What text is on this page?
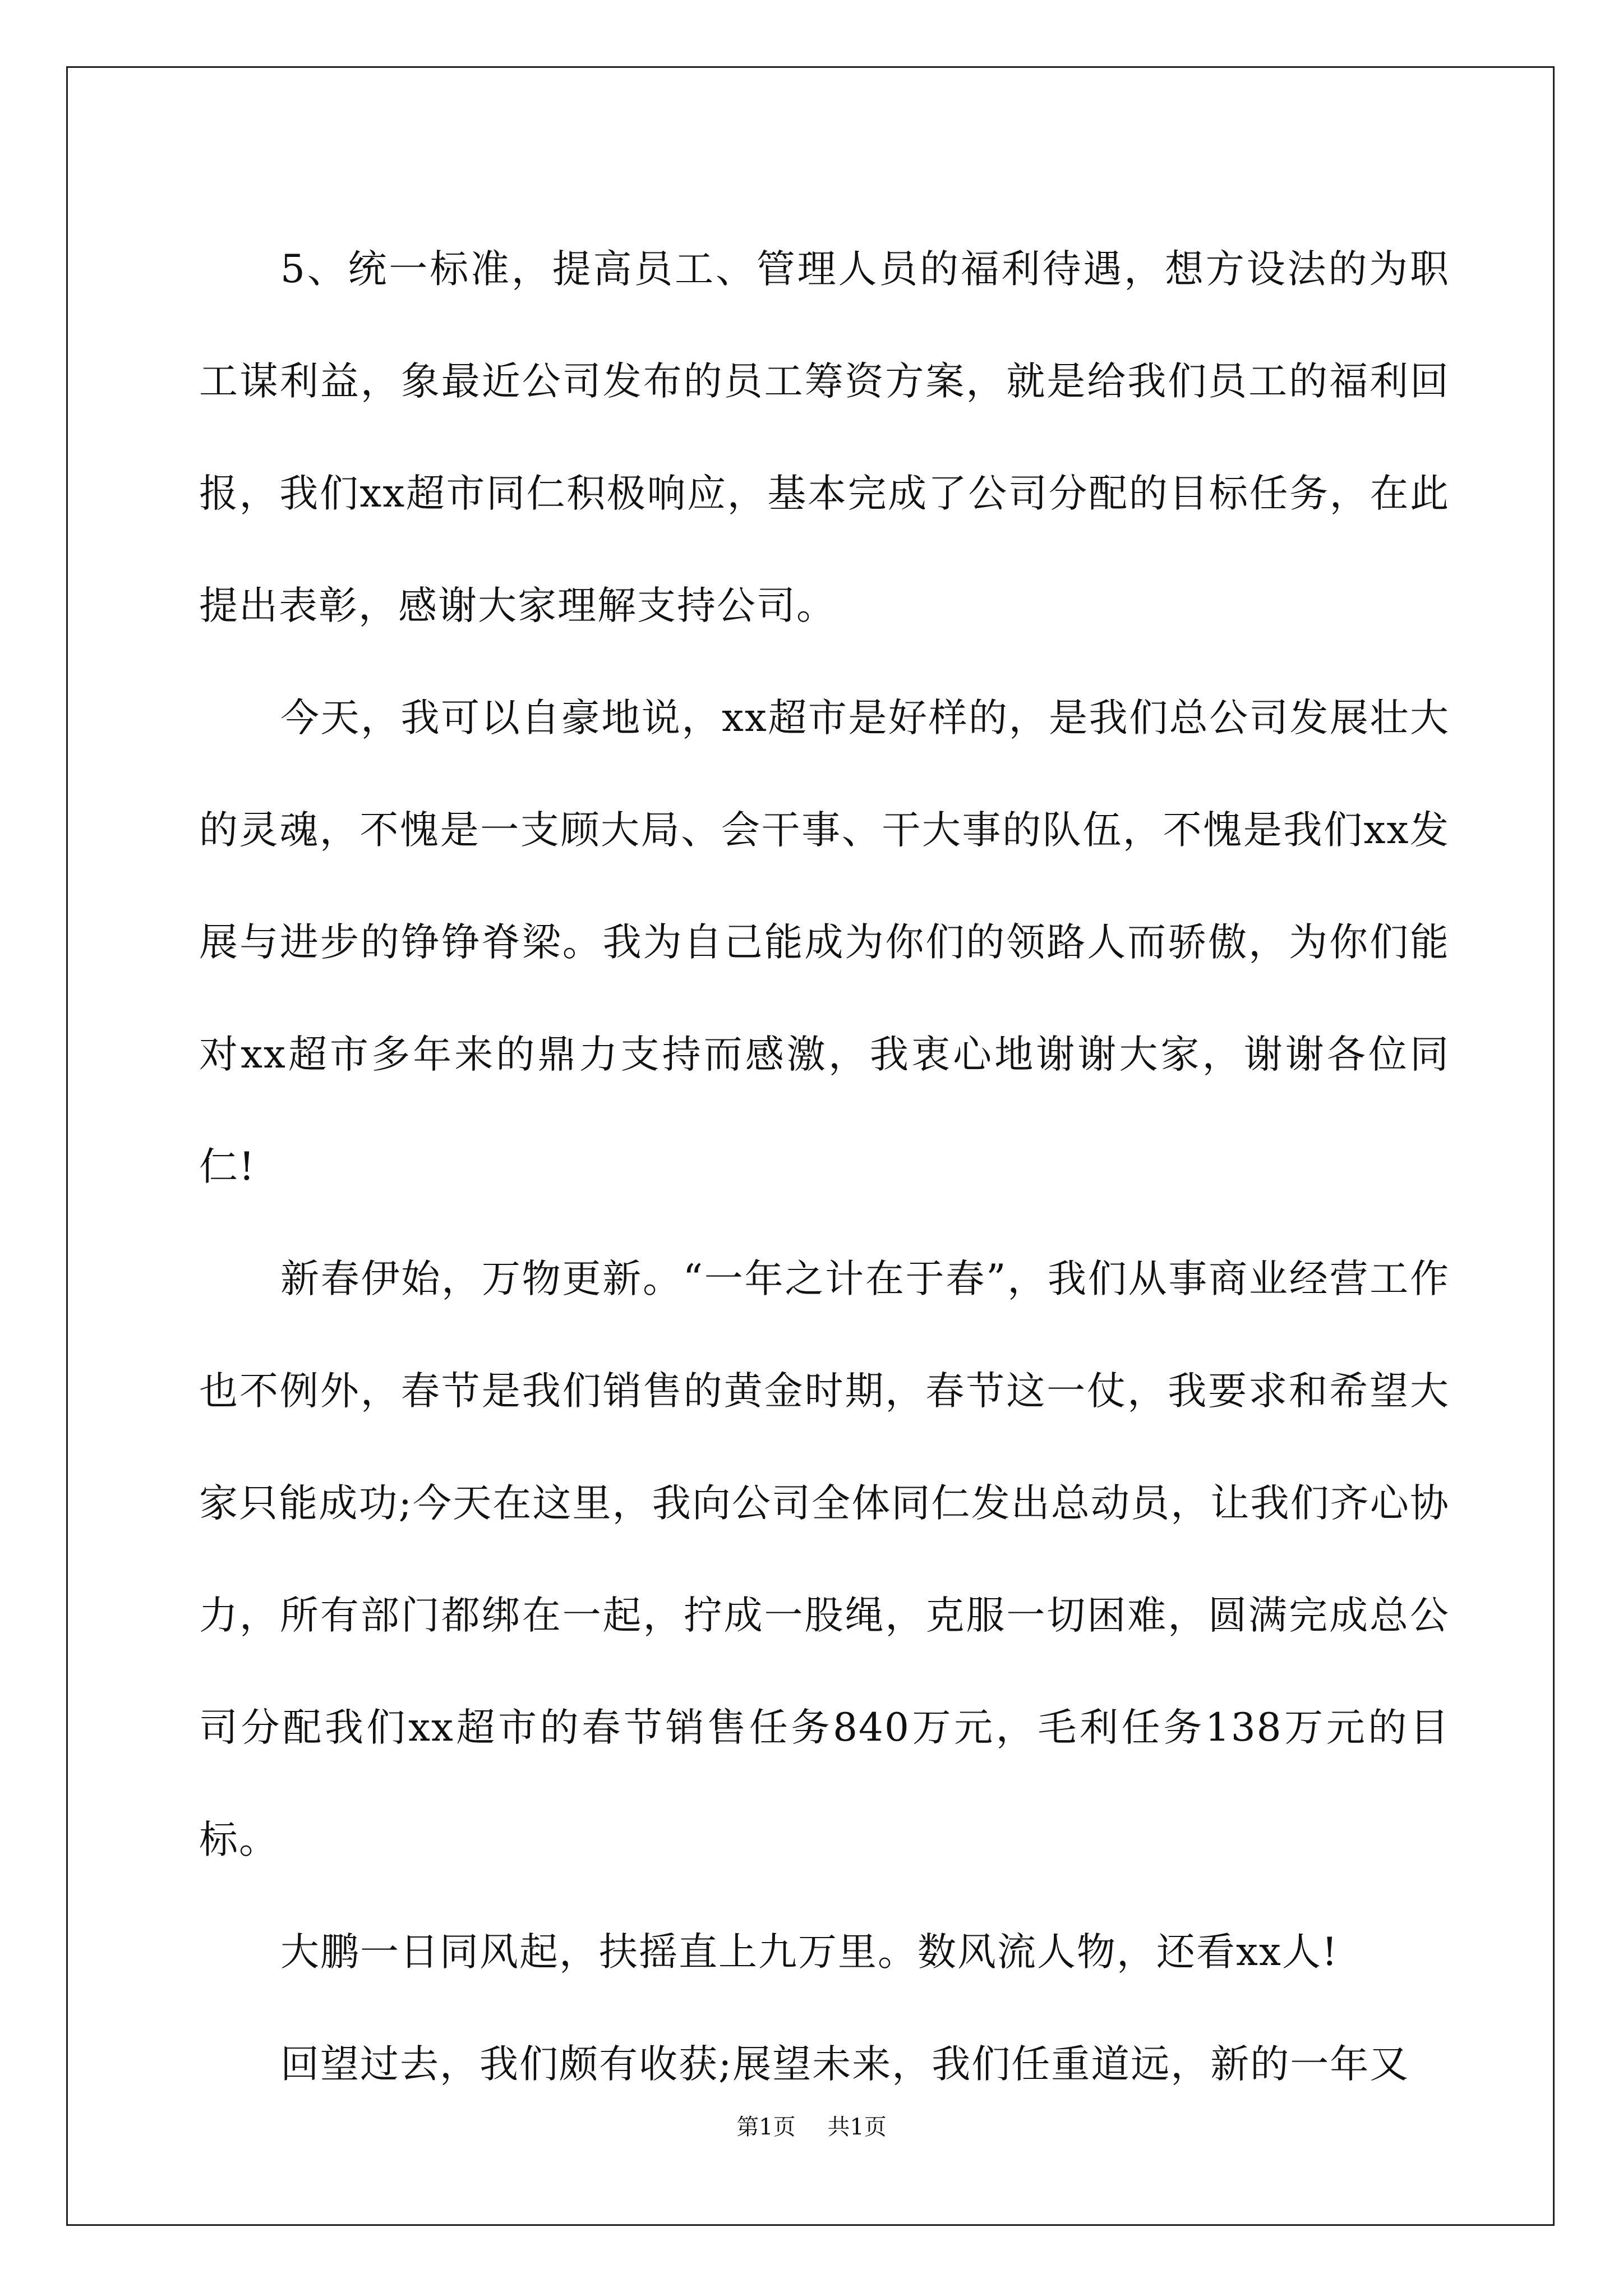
5、统一标准，提高员工、管理人员的福利待遇，想方设法的为职工谋利益，象最近公司发布的员工筹资方案，就是给我们员工的福利回报，我们xx超市同仁积极响应，基本完成了公司分配的目标任务，在此提出表彰，感谢大家理解支持公司。

今天，我可以自豪地说，xx超市是好样的，是我们总公司发展壮大的灵魂，不愧是一支顾大局、会干事、干大事的队伍，不愧是我们xx发展与进步的铮铮脊梁。我为自己能成为你们的领路人而骄傲，为你们能对xx超市多年来的鼎力支持而感激，我衷心地谢谢大家，谢谢各位同仁!

新春伊始，万物更新。“一年之计在于春”，我们从事商业经营工作也不例外，春节是我们销售的黄金时期，春节这一仗，我要求和希望大家只能成功;今天在这里，我向公司全体同仁发出总动员，让我们齐心协力，所有部门都绑在一起，拧成一股绳，克服一切困难，圆满完成总公司分配我们xx超市的春节销售任务840万元，毛利任务138万元的目标。

大鹏一日同风起，扶摇直上九万里。数风流人物，还看xx人!

回望过去，我们颇有收获;展望未来，我们任重道远，新的一年又

第1页 共1页
